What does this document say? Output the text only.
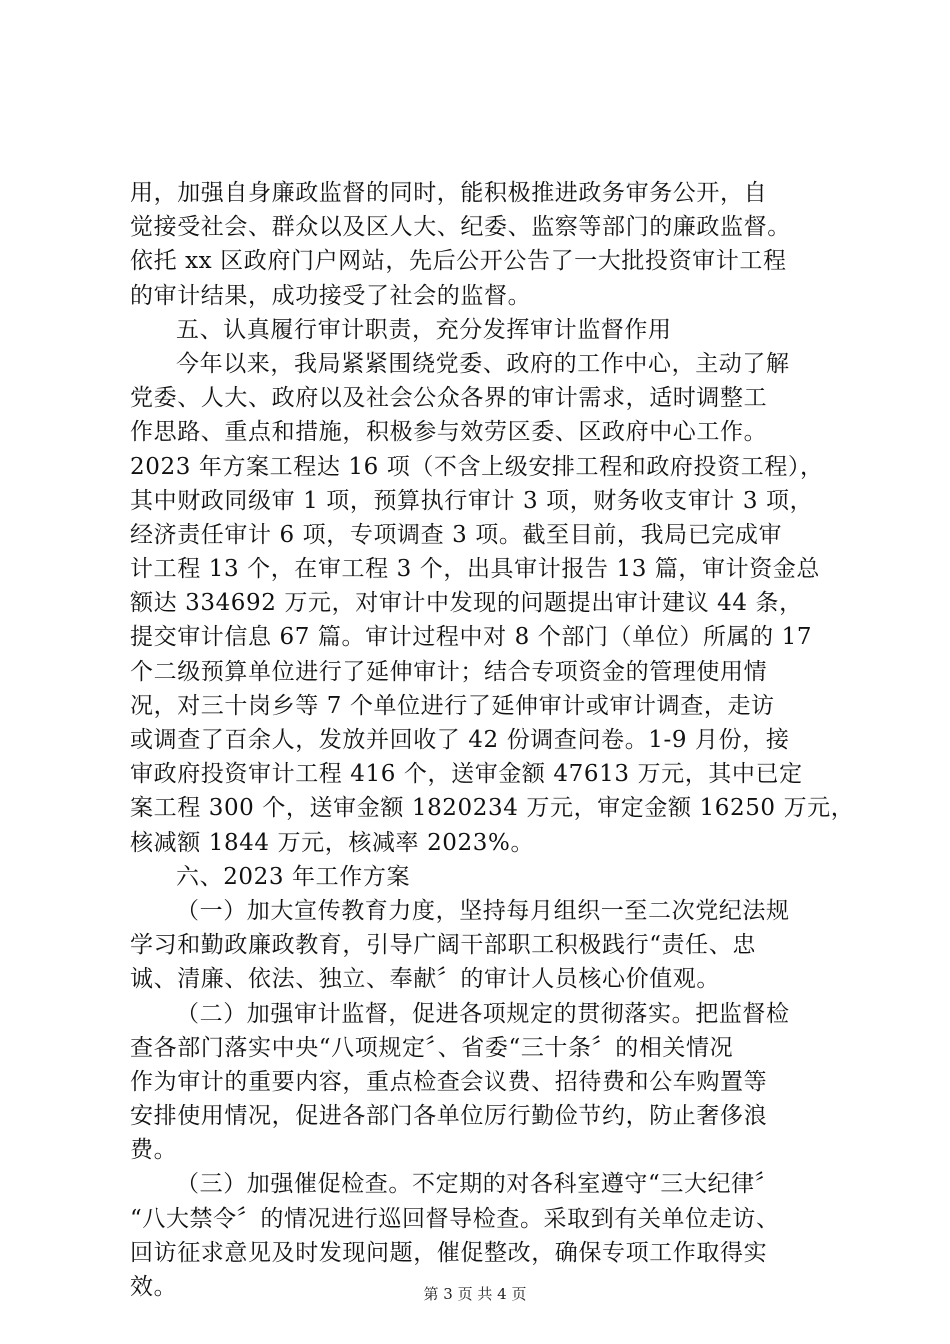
用，加强自身廉政监督的同时，能积极推进政务审务公开，自
觉接受社会、群众以及区人大、纪委、监察等部门的廉政监督。
依托 xx 区政府门户网站，先后公开公告了一大批投资审计工程
的审计结果，成功接受了社会的监督。
五、认真履行审计职责，充分发挥审计监督作用
今年以来，我局紧紧围绕党委、政府的工作中心，主动了解
党委、人大、政府以及社会公众各界的审计需求，适时调整工
作思路、重点和措施，积极参与效劳区委、区政府中心工作。
2023 年方案工程达 16 项（不含上级安排工程和政府投资工程），
其中财政同级审 1 项，预算执行审计 3 项，财务收支审计 3 项，
经济责任审计 6 项，专项调查 3 项。截至目前，我局已完成审
计工程 13 个，在审工程 3 个，出具审计报告 13 篇，审计资金总
额达 334692 万元，对审计中发现的问题提出审计建议 44 条，
提交审计信息 67 篇。审计过程中对 8 个部门（单位）所属的 17
个二级预算单位进行了延伸审计；结合专项资金的管理使用情
况，对三十岗乡等 7 个单位进行了延伸审计或审计调查，走访
或调查了百余人，发放并回收了 42 份调查问卷。1-9 月份，接
审政府投资审计工程 416 个，送审金额 47613 万元，其中已定
案工程 300 个，送审金额 1820234 万元，审定金额 16250 万元，
核减额 1844 万元，核减率 2023%。
六、2023 年工作方案
（一）加大宣传教育力度，坚持每月组织一至二次党纪法规
学习和勤政廉政教育，引导广阔干部职工积极践行“责任、忠
诚、清廉、依法、独立、奉献〞的审计人员核心价值观。
（二）加强审计监督，促进各项规定的贯彻落实。把监督检
查各部门落实中央“八项规定〞、省委“三十条〞的相关情况
作为审计的重要内容，重点检查会议费、招待费和公车购置等
安排使用情况，促进各部门各单位厉行勤俭节约，防止奢侈浪
费。
（三）加强催促检查。不定期的对各科室遵守“三大纪律〞
“八大禁令〞的情况进行巡回督导检查。采取到有关单位走访、
回访征求意见及时发现问题，催促整改，确保专项工作取得实
效。	第 3 页 共 4 页
